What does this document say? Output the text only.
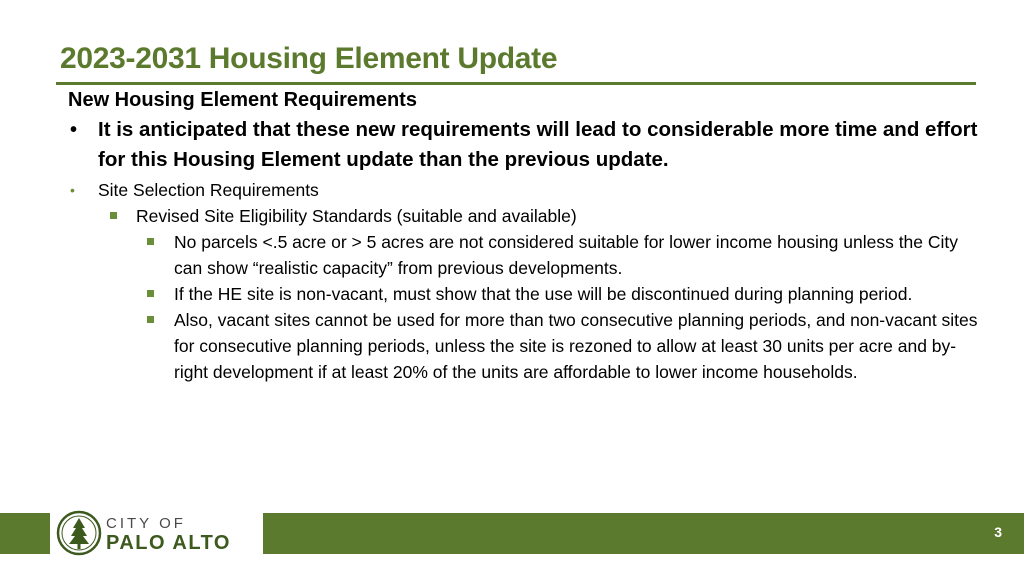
2023-2031 Housing Element Update
New Housing Element Requirements
• It is anticipated that these new requirements will lead to considerable more time and effort for this Housing Element update than the previous update.
• Site Selection Requirements
Revised Site Eligibility Standards (suitable and available)
No parcels <.5 acre or > 5 acres are not considered suitable for lower income housing unless the City can show “realistic capacity” from previous developments.
If the HE site is non-vacant, must show that the use will be discontinued during planning period.
Also, vacant sites cannot be used for more than two consecutive planning periods, and non-vacant sites for consecutive planning periods, unless the site is rezoned to allow at least 30 units per acre and by-right development if at least 20% of the units are affordable to lower income households.
CITY OF
PALO ALTO	3
